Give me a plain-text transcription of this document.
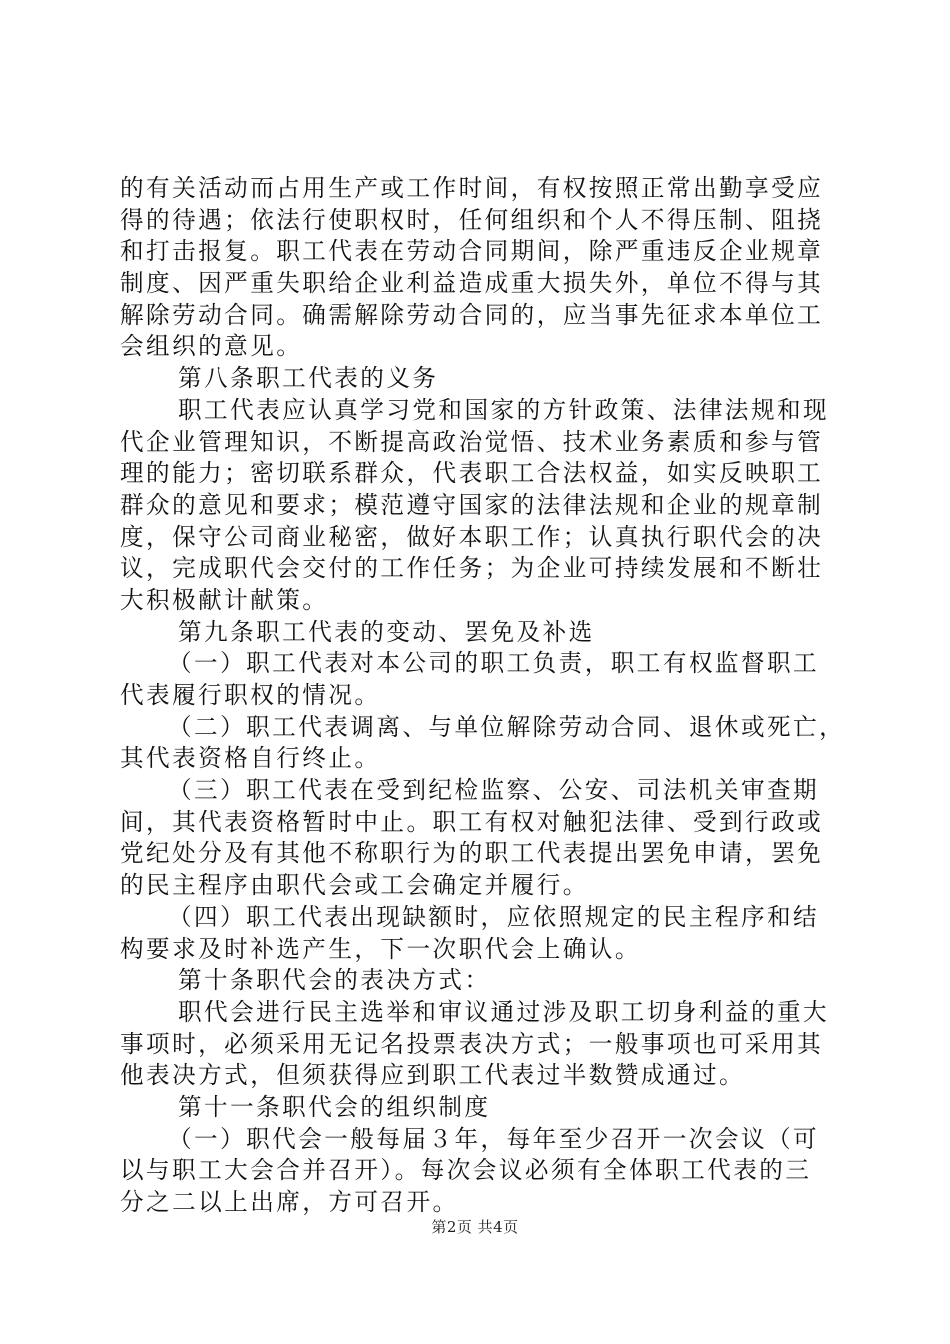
的有关活动而占用生产或工作时间，有权按照正常出勤享受应
得的待遇；依法行使职权时，任何组织和个人不得压制、阻挠
和打击报复。职工代表在劳动合同期间，除严重违反企业规章
制度、因严重失职给企业利益造成重大损失外，单位不得与其
解除劳动合同。确需解除劳动合同的，应当事先征求本单位工
会组织的意见。
第八条职工代表的义务
职工代表应认真学习党和国家的方针政策、法律法规和现
代企业管理知识，不断提高政治觉悟、技术业务素质和参与管
理的能力；密切联系群众，代表职工合法权益，如实反映职工
群众的意见和要求；模范遵守国家的法律法规和企业的规章制
度，保守公司商业秘密，做好本职工作；认真执行职代会的决
议，完成职代会交付的工作任务；为企业可持续发展和不断壮
大积极献计献策。
第九条职工代表的变动、罢免及补选
（一）职工代表对本公司的职工负责，职工有权监督职工
代表履行职权的情况。
（二）职工代表调离、与单位解除劳动合同、退休或死亡，
其代表资格自行终止。
（三）职工代表在受到纪检监察、公安、司法机关审查期
间，其代表资格暂时中止。职工有权对触犯法律、受到行政或
党纪处分及有其他不称职行为的职工代表提出罢免申请，罢免
的民主程序由职代会或工会确定并履行。
（四）职工代表出现缺额时，应依照规定的民主程序和结
构要求及时补选产生，下一次职代会上确认。
第十条职代会的表决方式：
职代会进行民主选举和审议通过涉及职工切身利益的重大
事项时，必须采用无记名投票表决方式；一般事项也可采用其
他表决方式，但须获得应到职工代表过半数赞成通过。
第十一条职代会的组织制度
（一）职代会一般每届３年，每年至少召开一次会议（可
以与职工大会合并召开）。每次会议必须有全体职工代表的三
分之二以上出席，方可召开。
第2页 共4页
